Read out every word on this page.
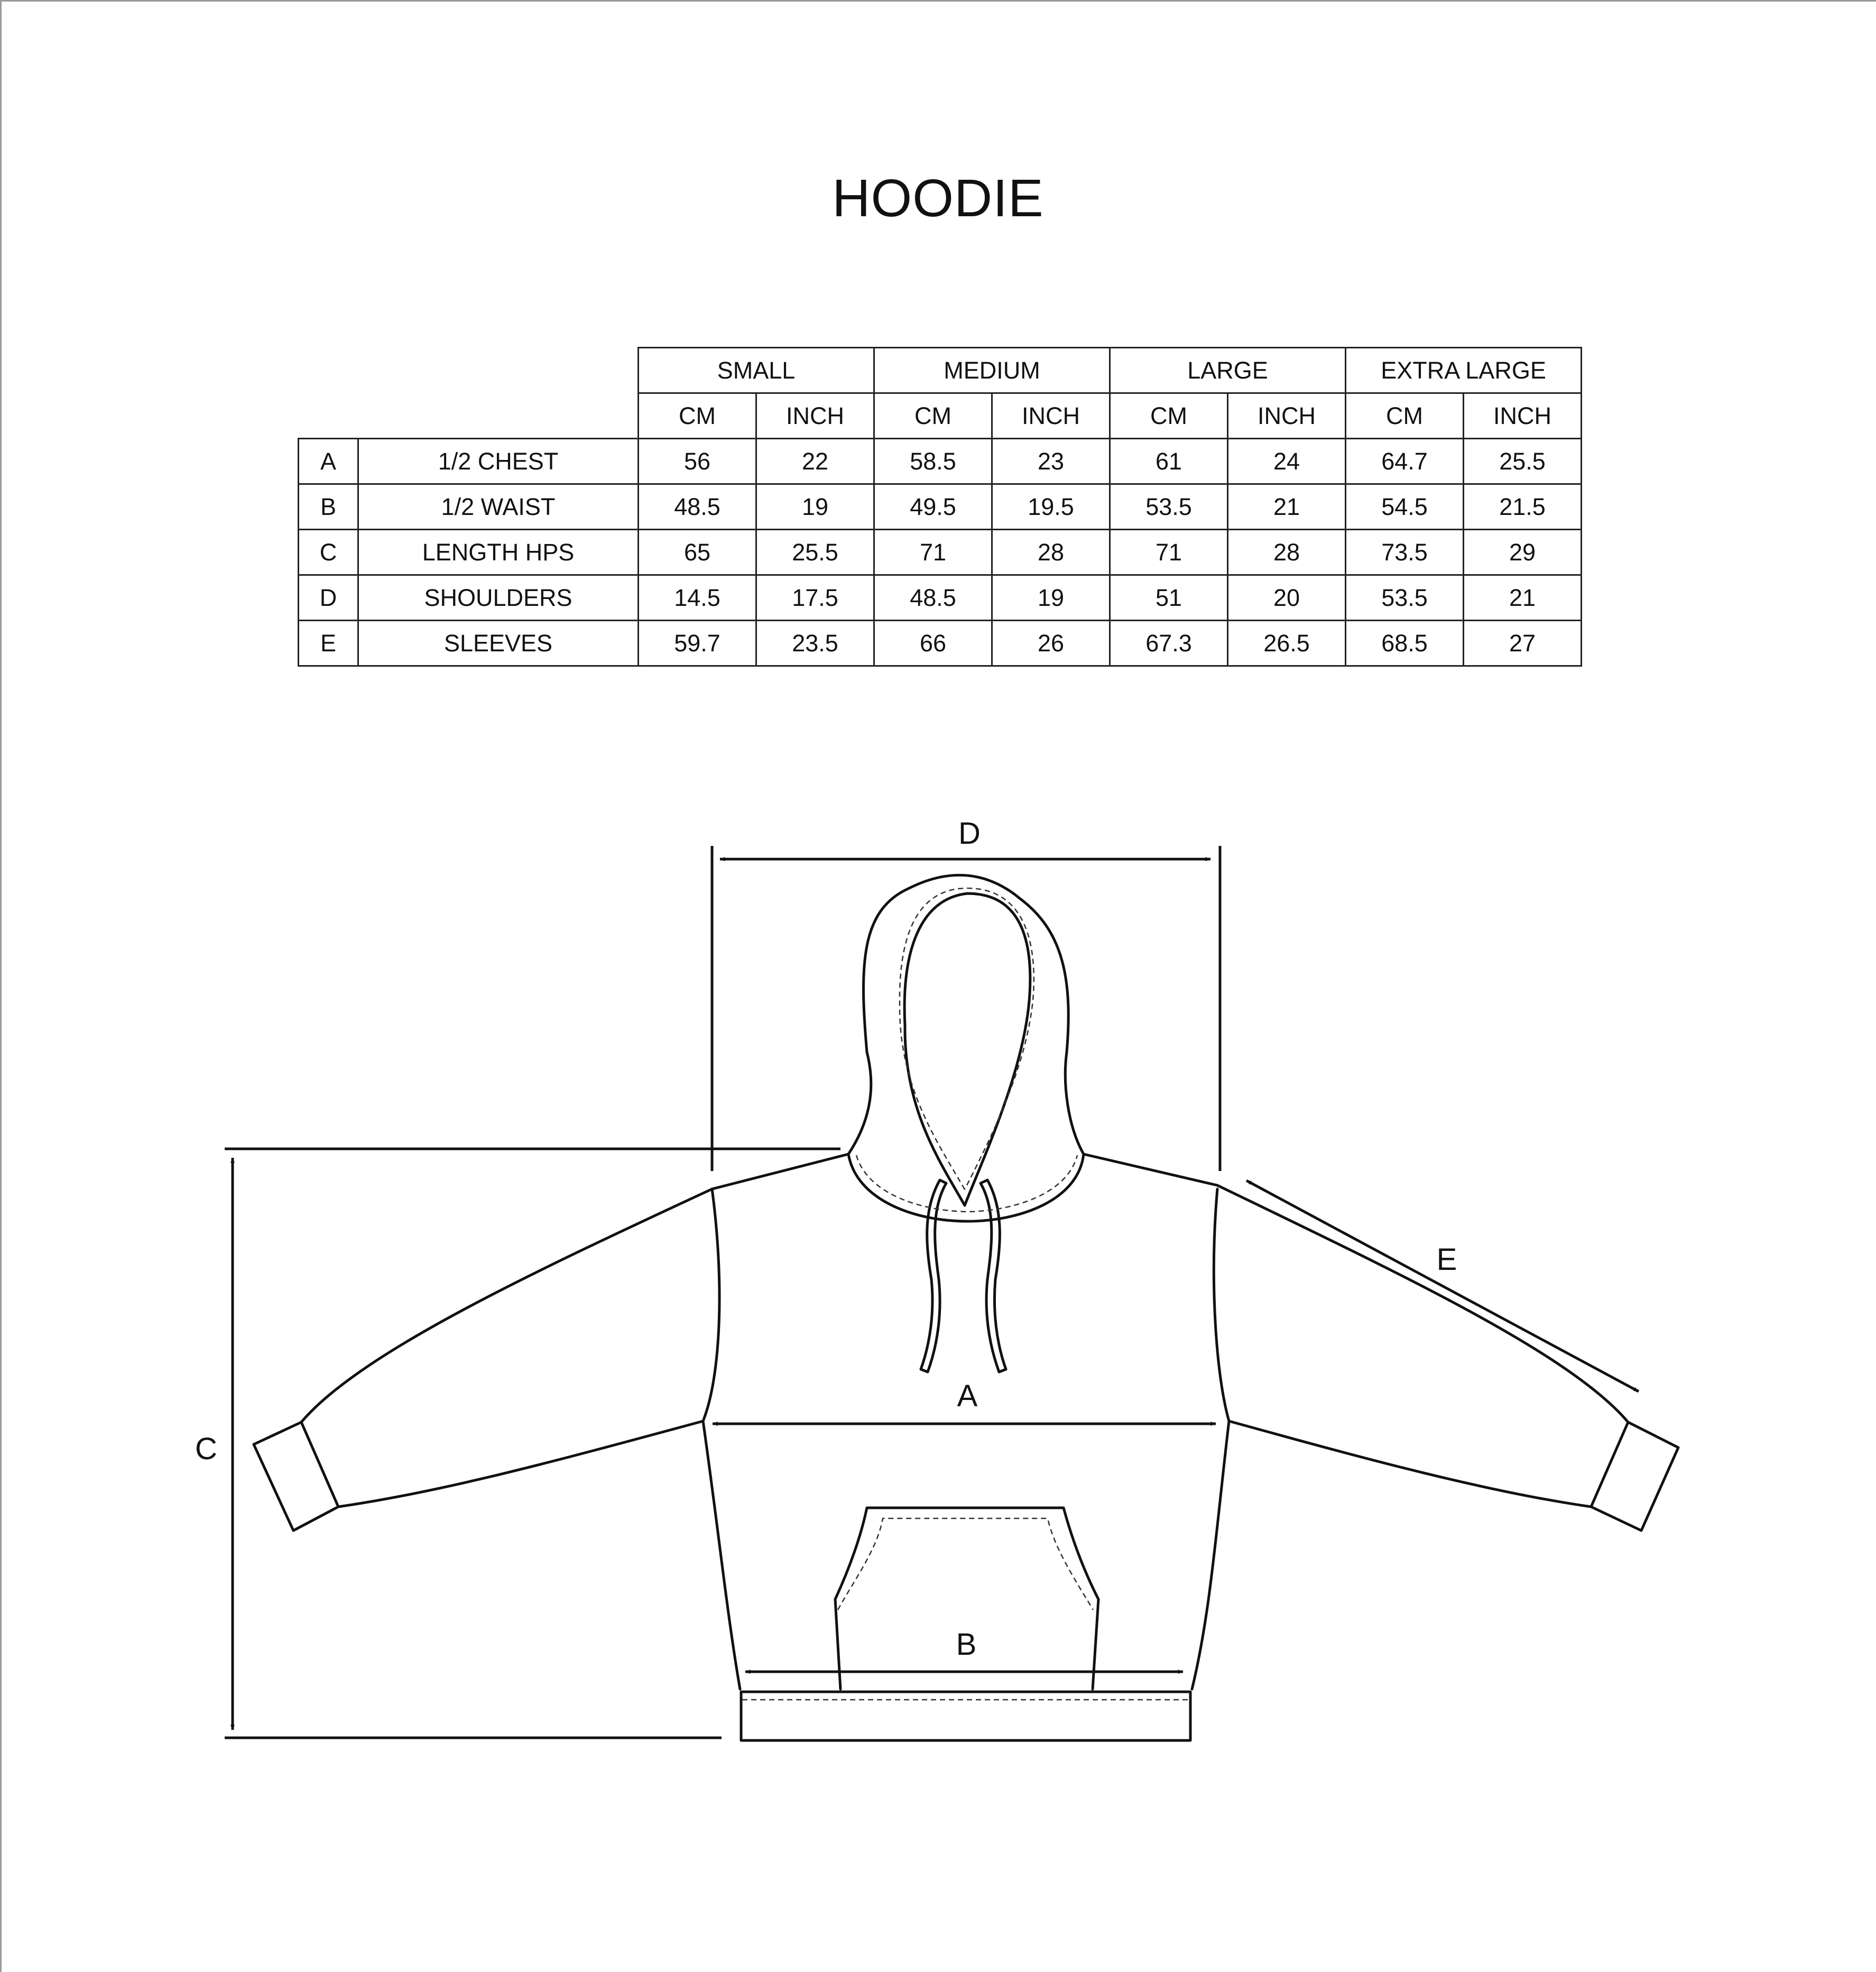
HOODIE
		SMALL		MEDIUM		LARGE		EXTRA LARGE	
		CM	INCH	CM	INCH	CM	INCH	CM	INCH
A	1/2 CHEST	56	22	58.5	23	61	24	64.7	25.5
B	1/2 WAIST	48.5	19	49.5	19.5	53.5	21	54.5	21.5
C	LENGTH HPS	65	25.5	71	28	71	28	73.5	29
D	SHOULDERS	14.5	17.5	48.5	19	51	20	53.5	21
E	SLEEVES	59.7	23.5	66	26	67.3	26.5	68.5	27
D
C
A
B
E
